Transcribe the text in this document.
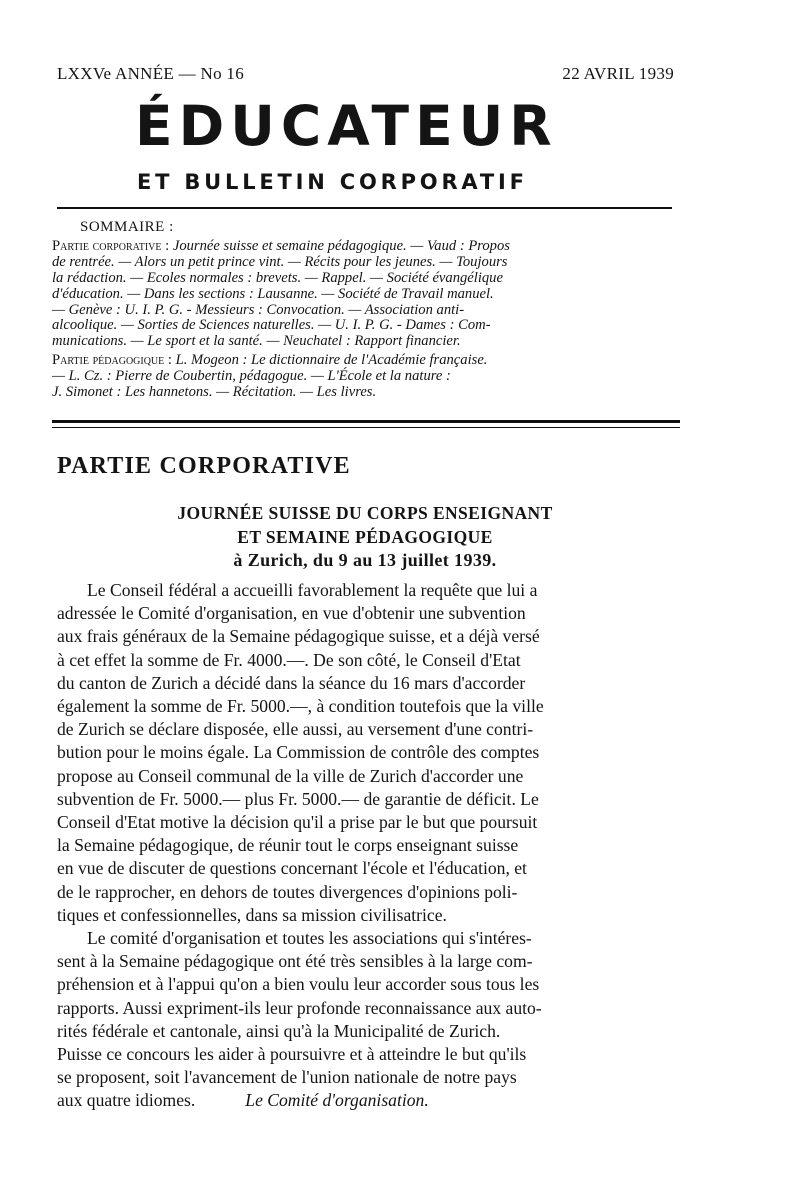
LXXVe ANNÉE — No 16	22 AVRIL 1939
ÉDUCATEUR
ET BULLETIN CORPORATIF
SOMMAIRE :
Partie corporative : Journée suisse et semaine pédagogique. — Vaud : Propos
de rentrée. — Alors un petit prince vint. — Récits pour les jeunes. — Toujours
la rédaction. — Ecoles normales : brevets. — Rappel. — Société évangélique
d'éducation. — Dans les sections : Lausanne. — Société de Travail manuel.
— Genève : U. I. P. G. - Messieurs : Convocation. — Association anti-
alcoolique. — Sorties de Sciences naturelles. — U. I. P. G. - Dames : Com-
munications. — Le sport et la santé. — Neuchatel : Rapport financier.
Partie pédagogique : L. Mogeon : Le dictionnaire de l'Académie française.
— L. Cz. : Pierre de Coubertin, pédagogue. — L'École et la nature :
J. Simonet : Les hannetons. — Récitation. — Les livres.
PARTIE CORPORATIVE
JOURNÉE SUISSE DU CORPS ENSEIGNANT
ET SEMAINE PÉDAGOGIQUE
à Zurich, du 9 au 13 juillet 1939.

Le Conseil fédéral a accueilli favorablement la requête que lui a
adressée le Comité d'organisation, en vue d'obtenir une subvention
aux frais généraux de la Semaine pédagogique suisse, et a déjà versé
à cet effet la somme de Fr. 4000.—. De son côté, le Conseil d'Etat
du canton de Zurich a décidé dans la séance du 16 mars d'accorder
également la somme de Fr. 5000.—, à condition toutefois que la ville
de Zurich se déclare disposée, elle aussi, au versement d'une contri-
bution pour le moins égale. La Commission de contrôle des comptes
propose au Conseil communal de la ville de Zurich d'accorder une
subvention de Fr. 5000.— plus Fr. 5000.— de garantie de déficit. Le
Conseil d'Etat motive la décision qu'il a prise par le but que poursuit
la Semaine pédagogique, de réunir tout le corps enseignant suisse
en vue de discuter de questions concernant l'école et l'éducation, et
de le rapprocher, en dehors de toutes divergences d'opinions poli-
tiques et confessionnelles, dans sa mission civilisatrice.

Le comité d'organisation et toutes les associations qui s'intéres-
sent à la Semaine pédagogique ont été très sensibles à la large com-
préhension et à l'appui qu'on a bien voulu leur accorder sous tous les
rapports. Aussi expriment-ils leur profonde reconnaissance aux auto-
rités fédérale et cantonale, ainsi qu'à la Municipalité de Zurich.
Puisse ce concours les aider à poursuivre et à atteindre le but qu'ils
se proposent, soit l'avancement de l'union nationale de notre pays
aux quatre idiomes.	Le Comité d'organisation.
